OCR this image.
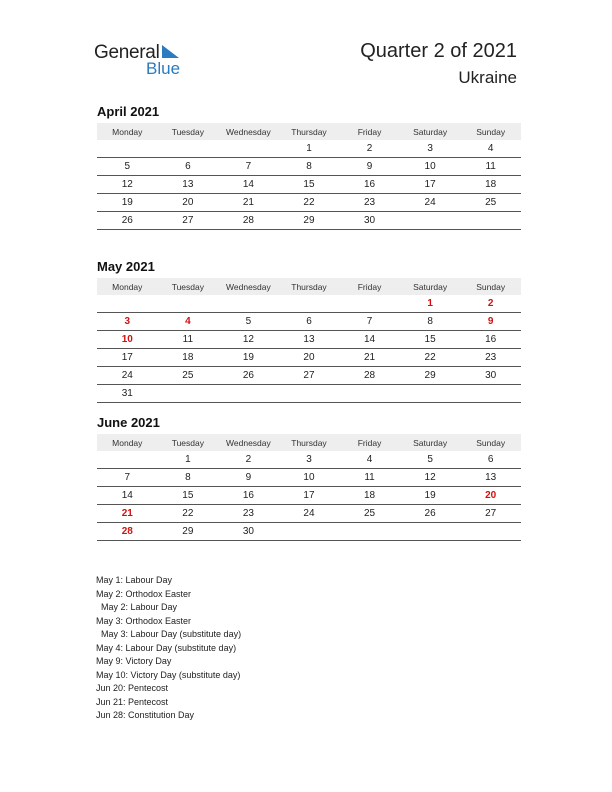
General
Blue
Quarter 2 of 2021
Ukraine
April 2021
Monday	Tuesday	Wednesday	Thursday	Friday	Saturday	Sunday
			1	2	3	4
5	6	7	8	9	10	11
12	13	14	15	16	17	18
19	20	21	22	23	24	25
26	27	28	29	30		
May 2021
Monday	Tuesday	Wednesday	Thursday	Friday	Saturday	Sunday
					1	2
3	4	5	6	7	8	9
10	11	12	13	14	15	16
17	18	19	20	21	22	23
24	25	26	27	28	29	30
31						
June 2021
Monday	Tuesday	Wednesday	Thursday	Friday	Saturday	Sunday
	1	2	3	4	5	6
7	8	9	10	11	12	13
14	15	16	17	18	19	20
21	22	23	24	25	26	27
28	29	30				
May 1: Labour Day
May 2: Orthodox Easter
May 2: Labour Day
May 3: Orthodox Easter
May 3: Labour Day (substitute day)
May 4: Labour Day (substitute day)
May 9: Victory Day
May 10: Victory Day (substitute day)
Jun 20: Pentecost
Jun 21: Pentecost
Jun 28: Constitution Day
